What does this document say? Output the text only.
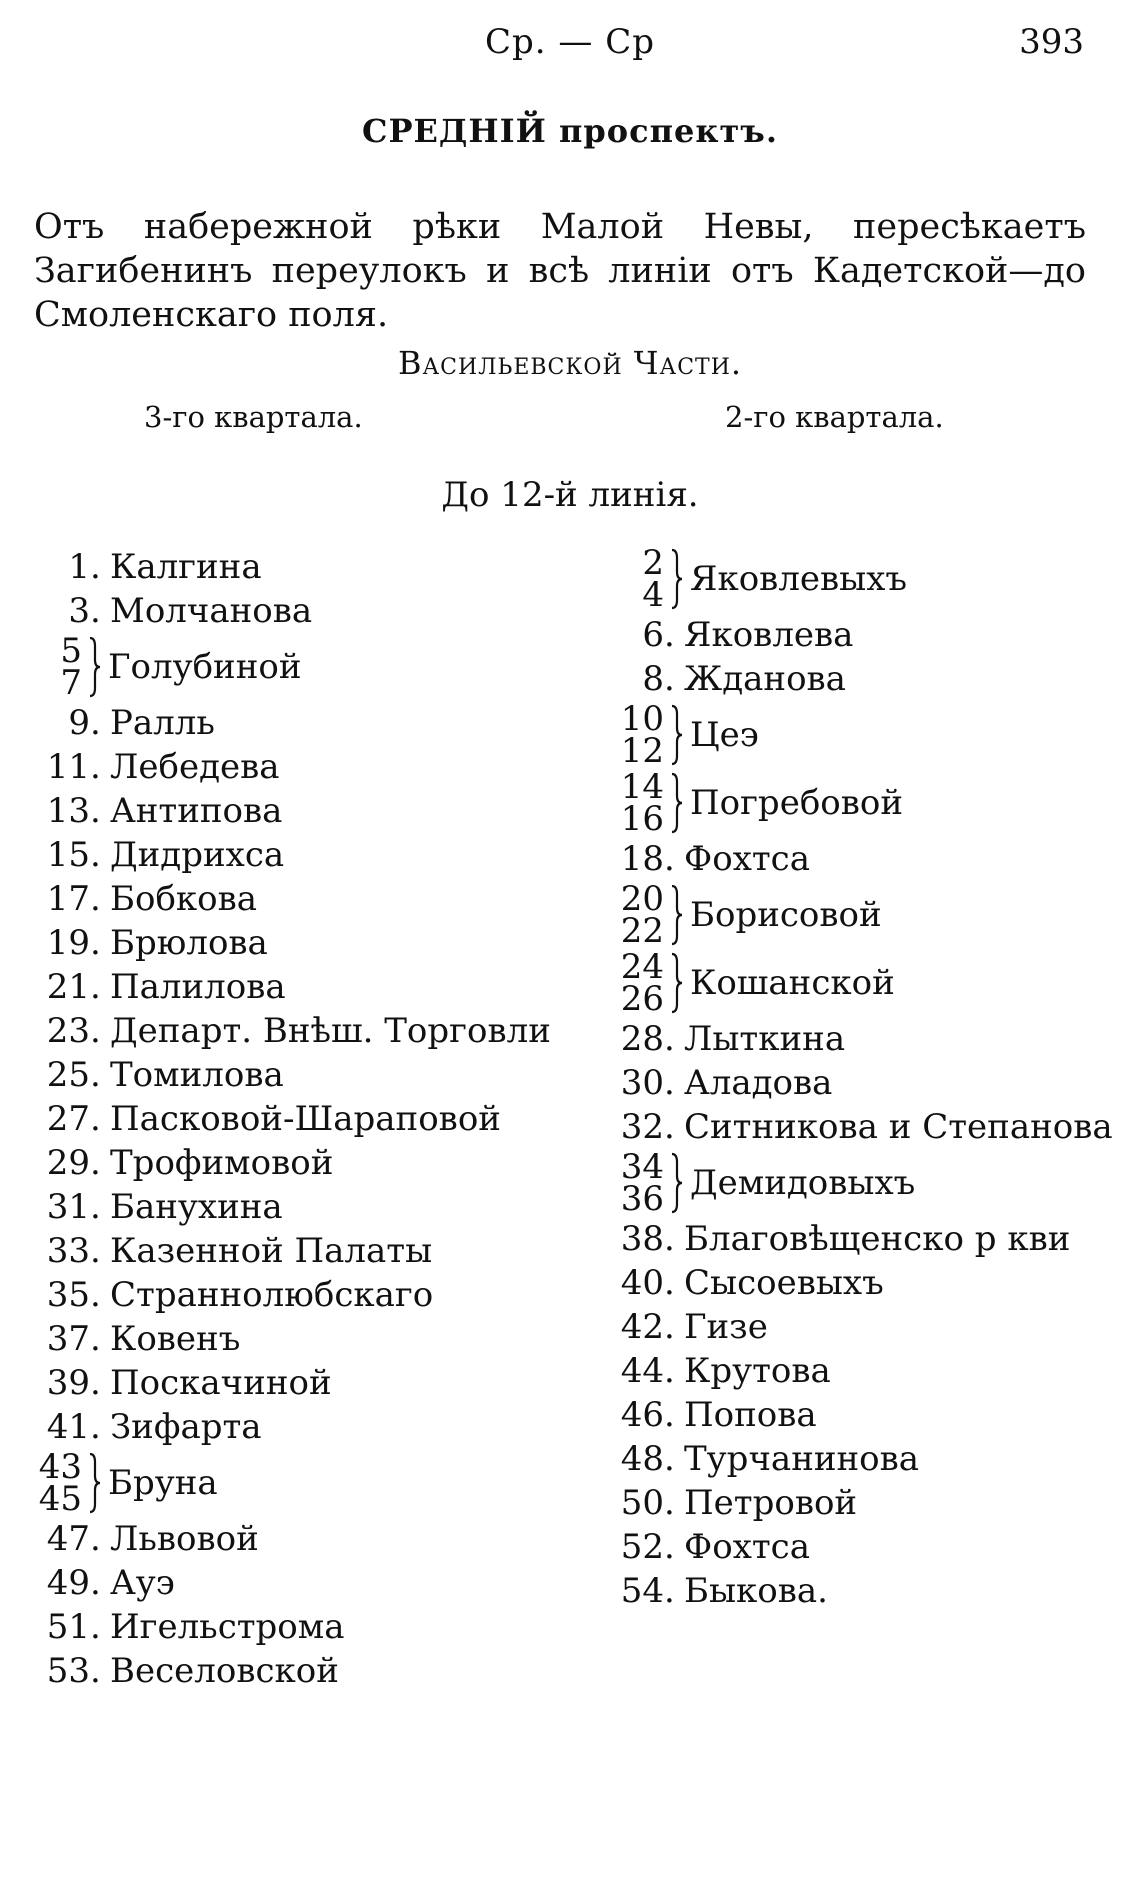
Ср. — Ср	393
СРЕДНІЙ проспектъ.
Отъ набережной рѣки Малой Невы, пересѣкаетъ Загибенинъ переулокъ и всѣ линіи отъ Кадетской—до Смоленскаго поля.
Васильевской Части.
3-го квартала.	2-го квартала.
До 12-й линія.
1 . Калгина
3 . Молчанова
5
7 Голубиной
9 . Ралль
11 . Лебедева
13 . Антипова
15 . Дидрихса
17 . Бобкова
19 . Брюлова
21 . Палилова
23 . Департ. Внѣш. Торговли
25 . Томилова
27 . Пасковой-Шараповой
29 . Трофимовой
31 . Банухина
33 . Казенной Палаты
35 . Страннолюбскаго
37 . Ковенъ
39 . Поскачиной
41 . Зифарта
43
45 Бруна
47 . Львовой
49 . Ауэ
51 . Игельстрома
53 . Веселовской
2
4 Яковлевыхъ
6 . Яковлева
8 . Жданова
10
12 Цеэ
14
16 Погребовой
18 . Фохтса
20
22 Борисовой
24
26 Кошанской
28 . Лыткина
30 . Аладова
32 . Ситникова и Степанова
34
36 Демидовыхъ
38 . Благовѣщенско р кви
40 . Сысоевыхъ
42 . Гизе
44 . Крутова
46 . Попова
48 . Турчанинова
50 . Петровой
52 . Фохтса
54 . Быкова.
